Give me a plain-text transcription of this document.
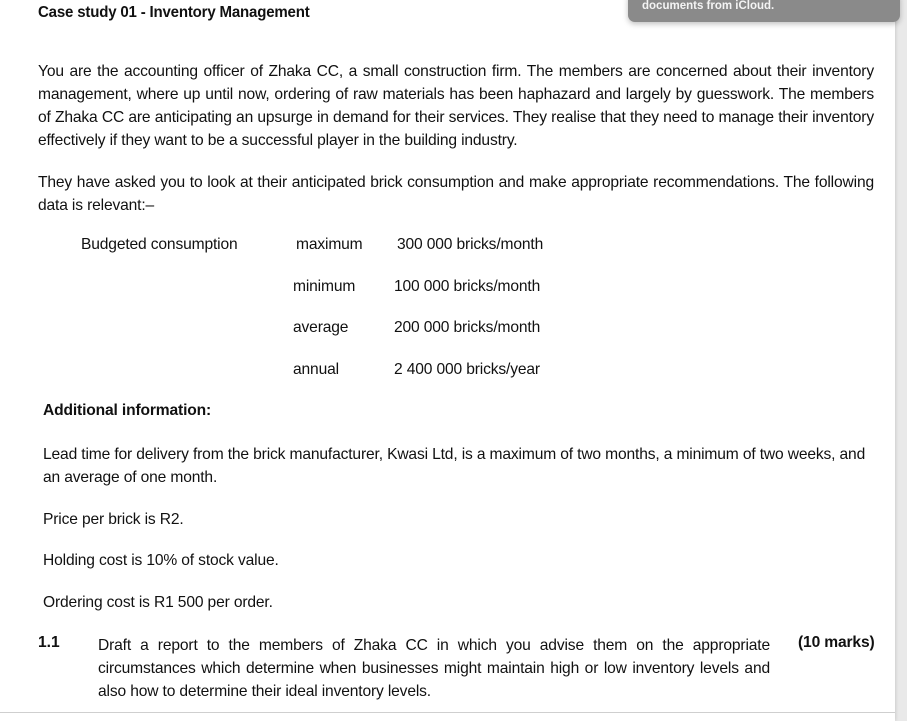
Case study 01 - Inventory Management
You are the accounting officer of Zhaka CC, a small construction firm. The members are concerned about their inventory management, where up until now, ordering of raw materials has been haphazard and largely by guesswork. The members of Zhaka CC are anticipating an upsurge in demand for their services. They realise that they need to manage their inventory effectively if they want to be a successful player in the building industry.
They have asked you to look at their anticipated brick consumption and make appropriate recommendations. The following data is relevant:–
Budgeted consumption	maximum 300 000 bricks/month
minimum 100 000 bricks/month
average	200 000 bricks/month
annual	2 400 000 bricks/year
Additional information:
Lead time for delivery from the brick manufacturer, Kwasi Ltd, is a maximum of two months, a minimum of two weeks, and an average of one month.
Price per brick is R2.
Holding cost is 10% of stock value.
Ordering cost is R1 500 per order.
1.1 Draft a report to the members of Zhaka CC in which you advise them on the appropriate circumstances which determine when businesses might maintain high or low inventory levels and also how to determine their ideal inventory levels.
(10 marks)
documents from iCloud.
